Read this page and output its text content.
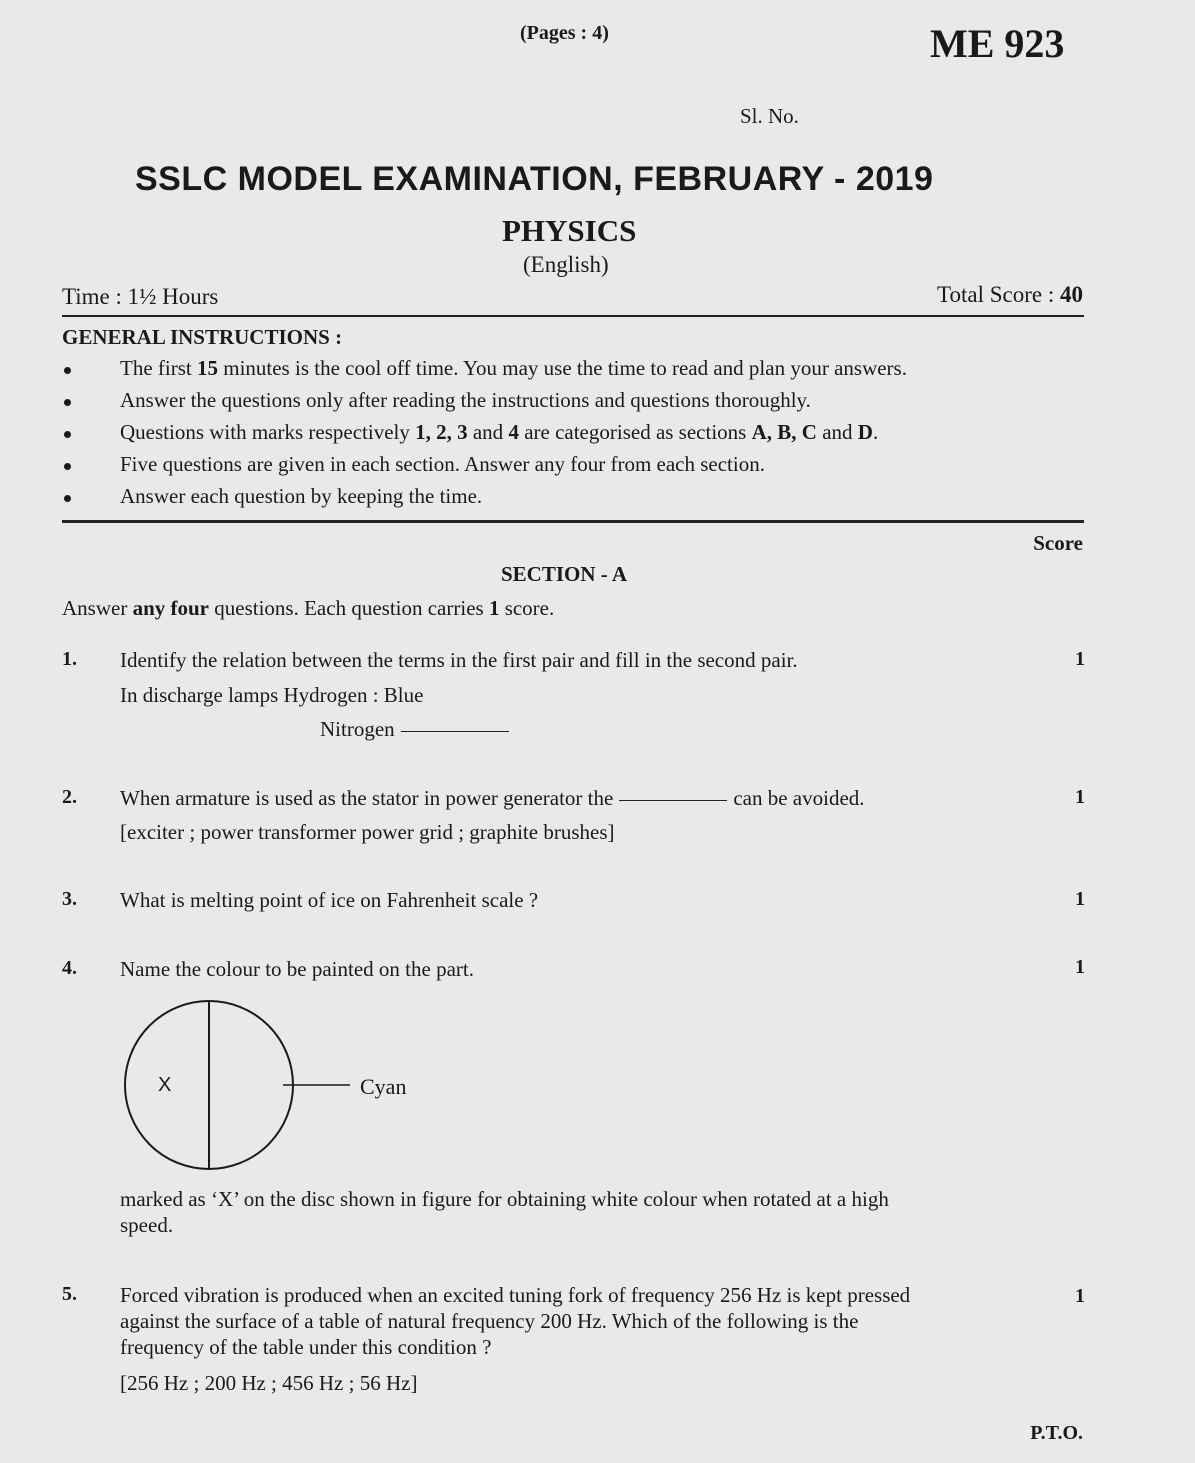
(Pages : 4)	ME 923
Sl. No.
SSLC MODEL EXAMINATION, FEBRUARY - 2019
PHYSICS
(English)
Time : 1½ Hours	Total Score : 40
GENERAL INSTRUCTIONS :
The first 15 minutes is the cool off time. You may use the time to read and plan your answers.
Answer the questions only after reading the instructions and questions thoroughly.
Questions with marks respectively 1, 2, 3 and 4 are categorised as sections A, B, C and D.
Five questions are given in each section. Answer any four from each section.
Answer each question by keeping the time.
Score
SECTION - A
Answer any four questions. Each question carries 1 score.
1. Identify the relation between the terms in the first pair and fill in the second pair.	1
In discharge lamps Hydrogen : Blue
Nitrogen
2. When armature is used as the stator in power generator the	can be avoided.	1
[exciter ; power transformer power grid ; graphite brushes]
3. What is melting point of ice on Fahrenheit scale ?	1
4. Name the colour to be painted on the part.	1
X	Cyan
marked as ‘X’ on the disc shown in figure for obtaining white colour when rotated at a high
speed.
5. Forced vibration is produced when an excited tuning fork of frequency 256 Hz is kept pressed	1
against the surface of a table of natural frequency 200 Hz. Which of the following is the
frequency of the table under this condition ?
[256 Hz ; 200 Hz ; 456 Hz ; 56 Hz]
P.T.O.
